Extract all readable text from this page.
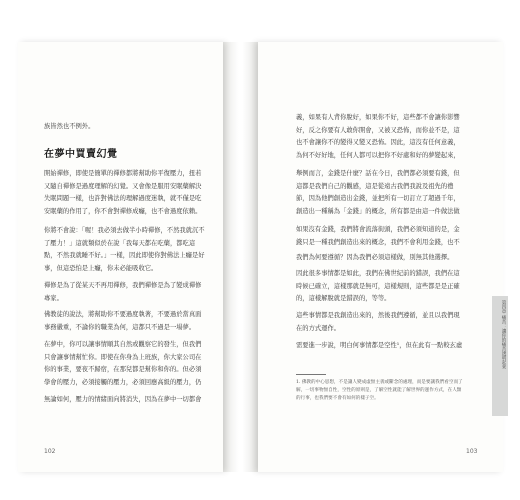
族皆然也不例外。

在夢中買賣幻覺

開始禪修，即使是簡單的禪修都將幫助你平復壓力，扭若又隨自禪修是過度理解的幻覺。又會像是服用安眠藥解決失眠問題一樣，也許對佛法的理解過度迷執，就不僅是吃安眠藥的作用了，你不會對禪修成癮，也不會過度依賴。

你將不會說：「喔！我必須去做半小時禪修，不然我就沉不了壓力！」這就類似於在說「我每天都在吃藥，都吃這點，不然我就睡不好。」一樣，因此即使你對佛法上癮是好事，但這恐怕是上癮，你未必能吸收它。

禪修是為了從某天不再用禪修，我們禪修是為了變成禪修專家。

佛教徒的說法，將幫助你不要過度執著，不要過於當真面事務嚴重，不論你的職業為何，這都只不過是一場夢。

在夢中，你可以讓事情順其自然或觀察它的發生，但我們只會讓事情幫忙你。即使在你身為上班族，你大家公司在你的事業，要夜不歸宿，在那兒都是幫你和你的。但必須學會的壓力，必須接觸的壓力，必須回應高級的壓力，仍

無論如何，壓力的情緒面向將消失，因為在夢中一切都會

102

義，如果有人背你脫好，如果你不好，這些都不會讓你影響好，反之你要有人敢你開會，又被又恐怖，而你並不是，這也不會讓你不的變得又變又恐怖。因此，這沒有任何意義，為何不好好地，任何人都可以把你不好處和好的夢變起來，

舉例而言，金錢是什麼？話在今日，我們都必須要有錢，但這都是我們自己的觀感，這是從遠古我們我說及祖先的禮節，因為他們創造出金錢，並把所有一切訂立了超過千年，創造出一種稱為「金錢」的概念，所有都是由這一件做法做

如果沒有金錢，我們將會流落街頭，我們必須知道的是，金錢只是一種我們創造出來的概念，我們不會利用金錢，也不

我們為何要遵循？因為我們必須這樣做，別無其他選擇。

因此很多事情都是如此，我們在佛世紀前的錯誤，我們在這時候已確立，這樣那就是無可，這樣規則，這些都是是正確的，這樣解脫就是錯誤的，等等。

這些事情都是我創造出來的，然後我們遵循，並且以我們現在的方式運作。

需要進一步說，明白何事情都是空性¹，但在此有一點較玄虛

1. 佛教的中心思想，不是讓人變成虛無主義或斷念的處理，而是要讓我們看空而了解，一切事物無自性，空性的原則是，了解空性就能了解世界的運作方式，在人類的行事，也我們要不會有如何的樣子空。

103
第四章 痛苦：讓你的痛苦透明起來
